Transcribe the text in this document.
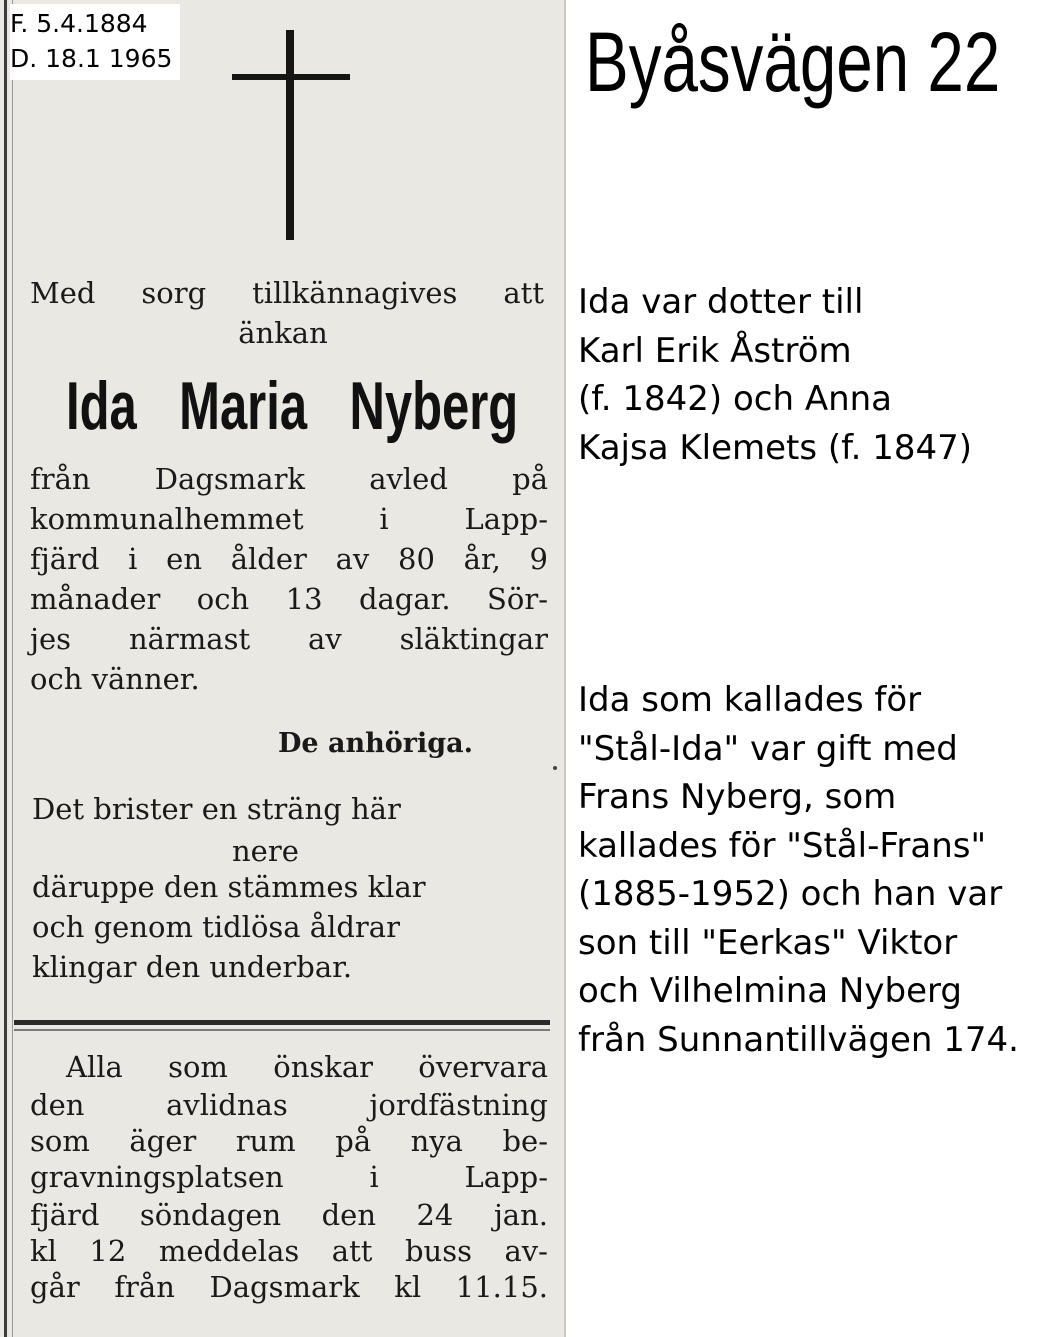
F. 5.4.1884
D. 18.1 1965
Med sorg tillkännagives att
änkan
Ida Maria Nyberg
från Dagsmark avled på
kommunalhemmet i Lapp-
fjärd i en ålder av 80 år, 9
månader och 13 dagar. Sör-
jes närmast av släktingar
och vänner.
De anhöriga.
Det brister en sträng här
nere
däruppe den stämmes klar
och genom tidlösa åldrar
klingar den underbar.
Alla som önskar övervara
den avlidnas jordfästning
som äger rum på nya be-
gravningsplatsen i Lapp-
fjärd söndagen den 24 jan.
kl 12 meddelas att buss av-
går från Dagsmark kl 11.15.
Byåsvägen 22
Ida var dotter till
Karl Erik Åström
(f. 1842) och Anna
Kajsa Klemets (f. 1847)
Ida som kallades för
"Stål-Ida" var gift med
Frans Nyberg, som
kallades för "Stål-Frans"
(1885-1952) och han var
son till "Eerkas" Viktor
och Vilhelmina Nyberg
från Sunnantillvägen 174.
